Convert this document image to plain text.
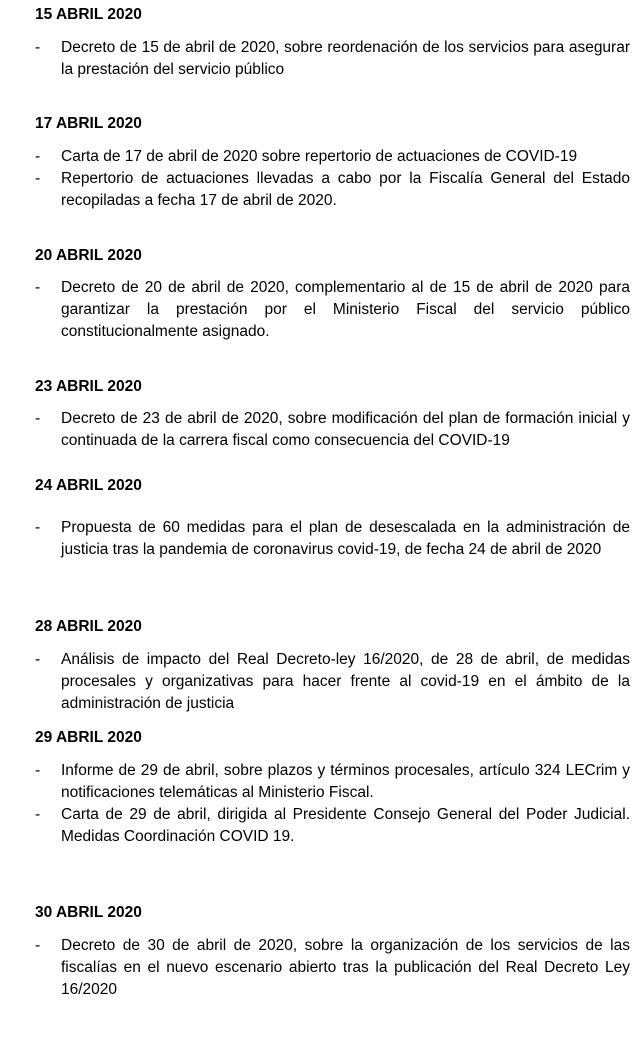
15 ABRIL 2020

- Decreto de 15 de abril de 2020, sobre reordenación de los servicios para asegurar la prestación del servicio público

17 ABRIL 2020

- Carta de 17 de abril de 2020 sobre repertorio de actuaciones de COVID-19
- Repertorio de actuaciones llevadas a cabo por la Fiscalía General del Estado recopiladas a fecha 17 de abril de 2020.

20 ABRIL 2020

- Decreto de 20 de abril de 2020, complementario al de 15 de abril de 2020 para garantizar la prestación por el Ministerio Fiscal del servicio público constitucionalmente asignado.

23 ABRIL 2020

- Decreto de 23 de abril de 2020, sobre modificación del plan de formación inicial y continuada de la carrera fiscal como consecuencia del COVID-19

24 ABRIL 2020

- Propuesta de 60 medidas para el plan de desescalada en la administración de justicia tras la pandemia de coronavirus covid-19, de fecha 24 de abril de 2020

28 ABRIL 2020

- Análisis de impacto del Real Decreto-ley 16/2020, de 28 de abril, de medidas procesales y organizativas para hacer frente al covid-19 en el ámbito de la administración de justicia

29 ABRIL 2020

- Informe de 29 de abril, sobre plazos y términos procesales, artículo 324 LECrim y notificaciones telemáticas al Ministerio Fiscal.
- Carta de 29 de abril, dirigida al Presidente Consejo General del Poder Judicial. Medidas Coordinación COVID 19.

30 ABRIL 2020

- Decreto de 30 de abril de 2020, sobre la organización de los servicios de las fiscalías en el nuevo escenario abierto tras la publicación del Real Decreto Ley 16/2020
